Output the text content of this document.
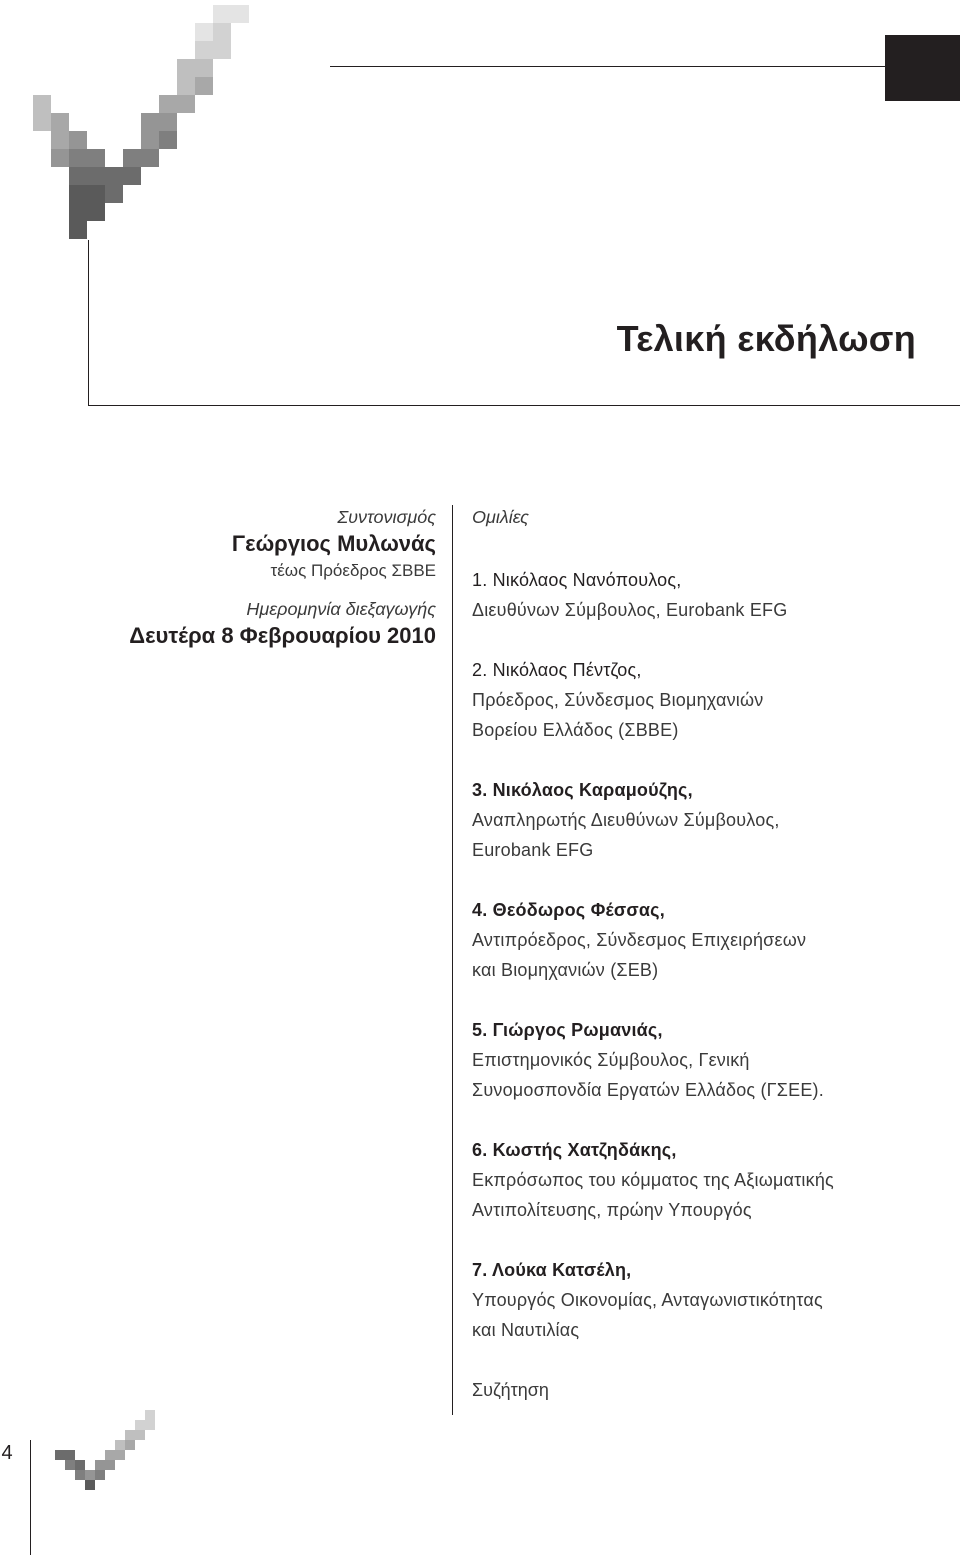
Τελική εκδήλωση
Συντονισμός
Γεώργιος Μυλωνάς
τέως Πρόεδρος ΣΒΒΕ
Ημερομηνία διεξαγωγής
Δευτέρα 8 Φεβρουαρίου 2010
Ομιλίες

1. Νικόλαος Νανόπουλος,

Διευθύνων Σύμβουλος, Eurobank EFG

2. Νικόλαος Πέντζος,

Πρόεδρος, Σύνδεσμος Βιομηχανιών

Βορείου Ελλάδος (ΣΒΒΕ)

3. Νικόλαος Καραμούζης,

Αναπληρωτής Διευθύνων Σύμβουλος,

Eurobank EFG

4. Θεόδωρος Φέσσας,

Αντιπρόεδρος, Σύνδεσμος Επιχειρήσεων

και Βιομηχανιών (ΣΕΒ)

5. Γιώργος Ρωμανιάς,

Επιστημονικός Σύμβουλος, Γενική

Συνομοσπονδία Εργατών Ελλάδος (ΓΣΕΕ).

6. Κωστής Χατζηδάκης,

Εκπρόσωπος του κόμματος της Αξιωματικής

Αντιπολίτευσης, πρώην Υπουργός

7. Λούκα Κατσέλη,

Υπουργός Οικονομίας, Ανταγωνιστικότητας

και Ναυτιλίας

Συζήτηση
4
